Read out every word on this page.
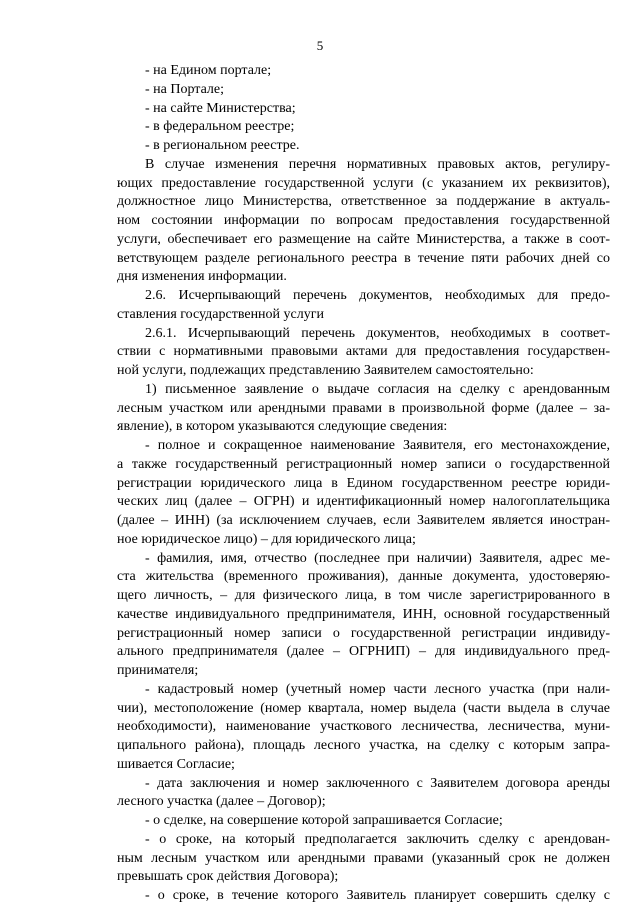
5
- на Едином портале;
- на Портале;
- на сайте Министерства;
- в федеральном реестре;
- в региональном реестре.
В случае изменения перечня нормативных правовых актов, регулиру-
ющих предоставление государственной услуги (с указанием их реквизитов),
должностное лицо Министерства, ответственное за поддержание в актуаль-
ном состоянии информации по вопросам предоставления государственной
услуги, обеспечивает его размещение на сайте Министерства, а также в соот-
ветствующем разделе регионального реестра в течение пяти рабочих дней со
дня изменения информации.
2.6. Исчерпывающий перечень документов, необходимых для предо-
ставления государственной услуги
2.6.1. Исчерпывающий перечень документов, необходимых в соответ-
ствии с нормативными правовыми актами для предоставления государствен-
ной услуги, подлежащих представлению Заявителем самостоятельно:
1) письменное заявление о выдаче согласия на сделку с арендованным
лесным участком или арендными правами в произвольной форме (далее – за-
явление), в котором указываются следующие сведения:
- полное и сокращенное наименование Заявителя, его местонахождение,
а также государственный регистрационный номер записи о государственной
регистрации юридического лица в Едином государственном реестре юриди-
ческих лиц (далее – ОГРН) и идентификационный номер налогоплательщика
(далее – ИНН) (за исключением случаев, если Заявителем является иностран-
ное юридическое лицо) – для юридического лица;
- фамилия, имя, отчество (последнее при наличии) Заявителя, адрес ме-
ста жительства (временного проживания), данные документа, удостоверяю-
щего личность, – для физического лица, в том числе зарегистрированного в
качестве индивидуального предпринимателя, ИНН, основной государственный
регистрационный номер записи о государственной регистрации индивиду-
ального предпринимателя (далее – ОГРНИП) – для индивидуального пред-
принимателя;
- кадастровый номер (учетный номер части лесного участка (при нали-
чии), местоположение (номер квартала, номер выдела (части выдела в случае
необходимости), наименование участкового лесничества, лесничества, муни-
ципального района), площадь лесного участка, на сделку с которым запра-
шивается Согласие;
- дата заключения и номер заключенного с Заявителем договора аренды
лесного участка (далее – Договор);
- о сделке, на совершение которой запрашивается Согласие;
- о сроке, на который предполагается заключить сделку с арендован-
ным лесным участком или арендными правами (указанный срок не должен
превышать срок действия Договора);
- о сроке, в течение которого Заявитель планирует совершить сделку с
